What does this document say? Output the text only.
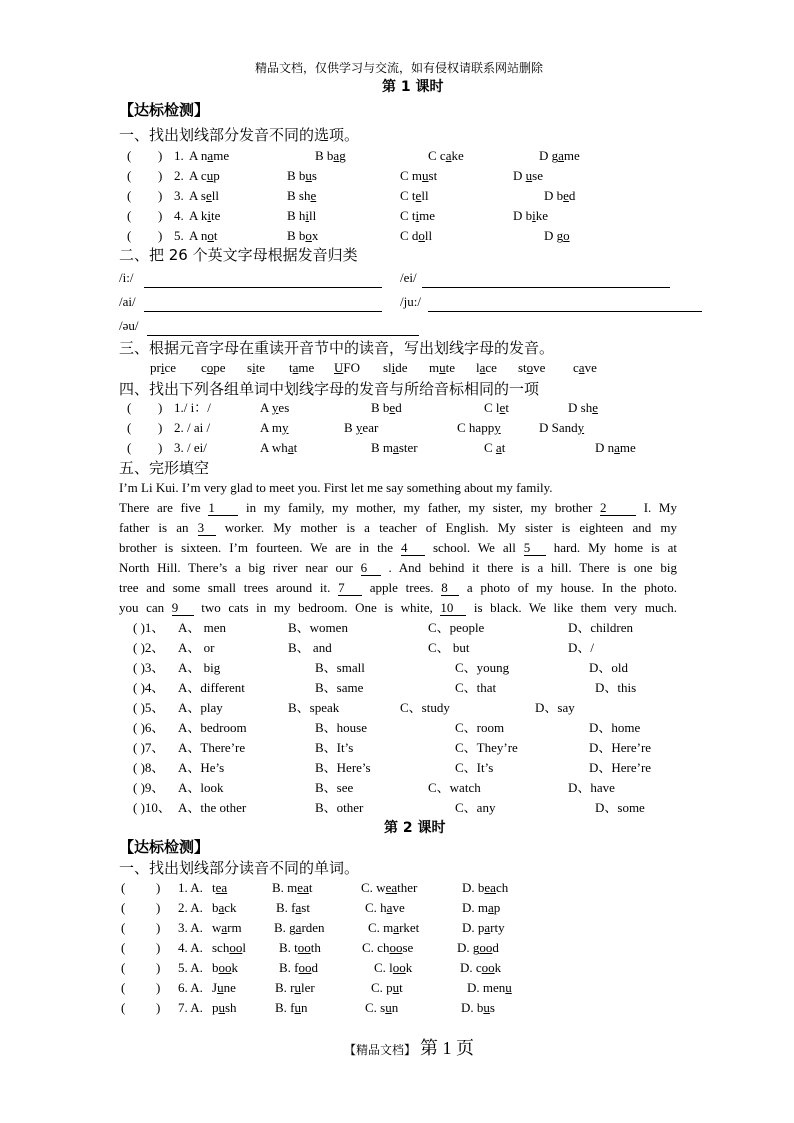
精品文档，仅供学习与交流，如有侵权请联系网站删除
第 1 课时
【达标检测】
一、找出划线部分发音不同的选项。
( ) 1. A name	B bag	C cake	D game
( ) 2. A cup	B bus	C must	D use
( ) 3. A sell	B she	C tell	D bed
( ) 4. A kite	B hill	C time	D bike
( ) 5. A not	B box	C doll	D go
二、把 26 个英文字母根据发音归类
/i:/	/ei/
/ai/	/ju:/
/əu/
三、根据元音字母在重读开音节中的读音，写出划线字母的发音。
price cope site tame UFO slide mute lace stove cave
四、找出下列各组单词中划线字母的发音与所给音标相同的一项
( ) 1./ i：/	A yes	B bed	C let	D she
( ) 2. / ai /	A my	B year	C happy	D Sandy
( ) 3. / ei/	A what	B master	C at	D name
五、完形填空
I’m Li Kui. I’m very glad to meet you. First let me say something about my family.
There are five 1 in my family, my mother, my father, my sister, my brother 2 I. My
father is an 3 worker. My mother is a teacher of English. My sister is eighteen and my
brother is sixteen. I’m fourteen. We are in the 4 school. We all 5 hard. My home is at
North Hill. There’s a big river near our 6 . And behind it there is a hill. There is one big
tree and some small trees around it. 7 apple trees. 8 a photo of my house. In the photo.
you can 9 two cats in my bedroom. One is white, 10 is black. We like them very much.
( )1、 A、 men	B、women	C、people	D、children
( )2、 A、 or	B、 and	C、 but	D、/
( )3、 A、 big	B、small	C、young	D、old
( )4、 A、different	B、same	C、that	D、this
( )5、 A、play	B、speak	C、study	D、say
( )6、 A、bedroom	B、house	C、room	D、home
( )7、 A、There’re	B、It’s	C、They’re	D、Here’re
( )8、 A、He’s	B、Here’s	C、It’s	D、Here’re
( )9、 A、look	B、see	C、watch	D、have
( )10、 A、the other	B、other	C、any	D、some
第 2 课时
【达标检测】
一、找出划线部分读音不同的单词。
( ) 1. A. tea	B. meat	C. weather	D. beach
( ) 2. A. back	B. fast	C. have	D. map
( ) 3. A. warm B. garden	C. market	D. party
( ) 4. A. school	B. tooth	C. choose	D. good
( ) 5. A. book	B. food	C. look	D. cook
( ) 6. A. June	B. ruler	C. put	D. menu
( ) 7. A. push	B. fun	C. sun	D. bus
【精品文档】 第 1 页
